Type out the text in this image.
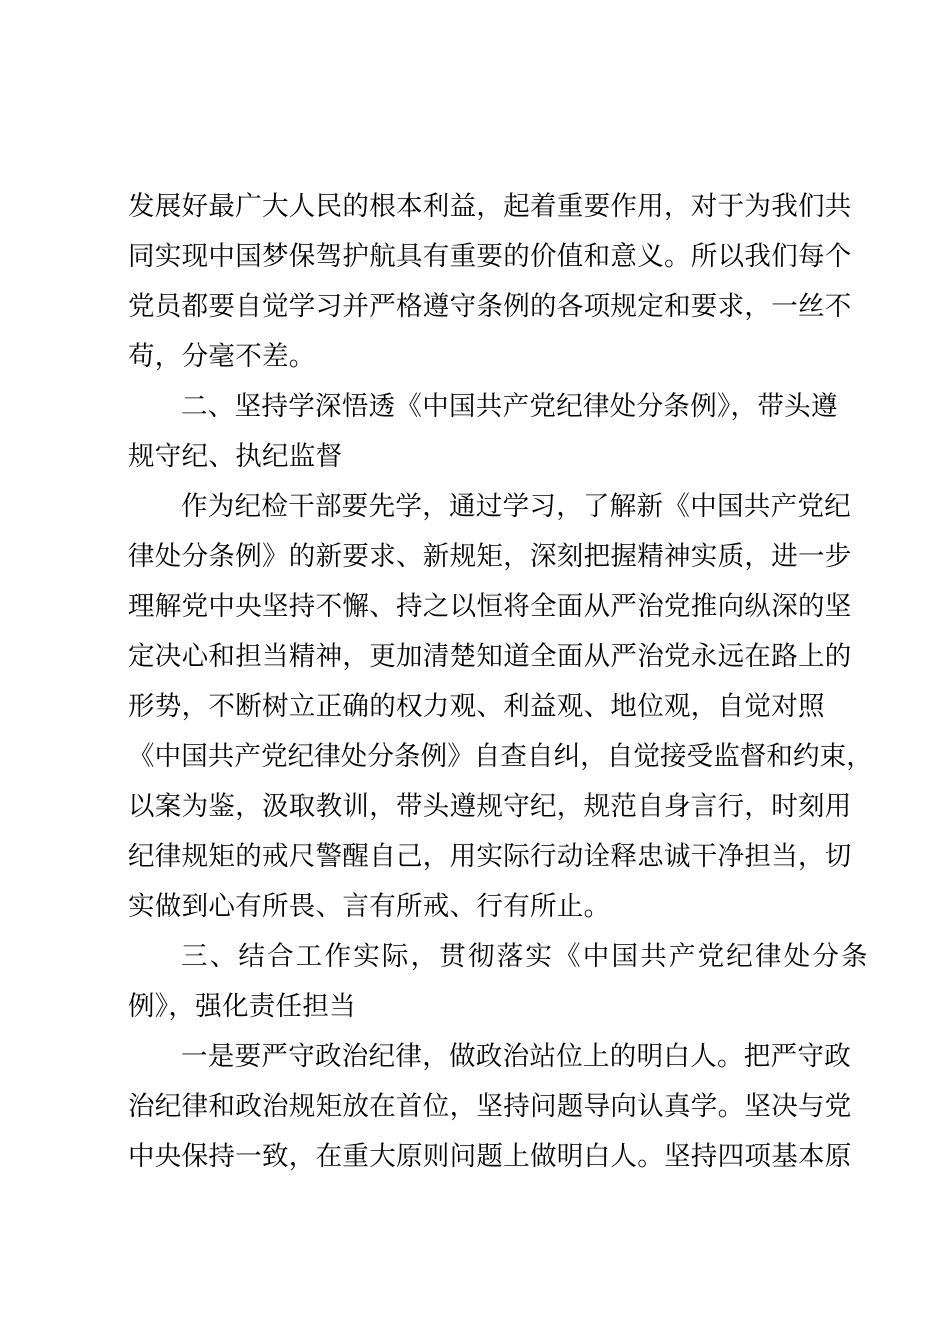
发展好最广大人民的根本利益，起着重要作用，对于为我们共
同实现中国梦保驾护航具有重要的价值和意义。所以我们每个
党员都要自觉学习并严格遵守条例的各项规定和要求，一丝不
苟，分毫不差。
二、坚持学深悟透《中国共产党纪律处分条例》，带头遵
规守纪、执纪监督
作为纪检干部要先学，通过学习，了解新《中国共产党纪
律处分条例》的新要求、新规矩，深刻把握精神实质，进一步
理解党中央坚持不懈、持之以恒将全面从严治党推向纵深的坚
定决心和担当精神，更加清楚知道全面从严治党永远在路上的
形势，不断树立正确的权力观、利益观、地位观，自觉对照
《中国共产党纪律处分条例》自查自纠，自觉接受监督和约束，
以案为鉴，汲取教训，带头遵规守纪，规范自身言行，时刻用
纪律规矩的戒尺警醒自己，用实际行动诠释忠诚干净担当，切
实做到心有所畏、言有所戒、行有所止。
三、结合工作实际，贯彻落实《中国共产党纪律处分条
例》，强化责任担当
一是要严守政治纪律，做政治站位上的明白人。把严守政
治纪律和政治规矩放在首位，坚持问题导向认真学。坚决与党
中央保持一致，在重大原则问题上做明白人。坚持四项基本原
